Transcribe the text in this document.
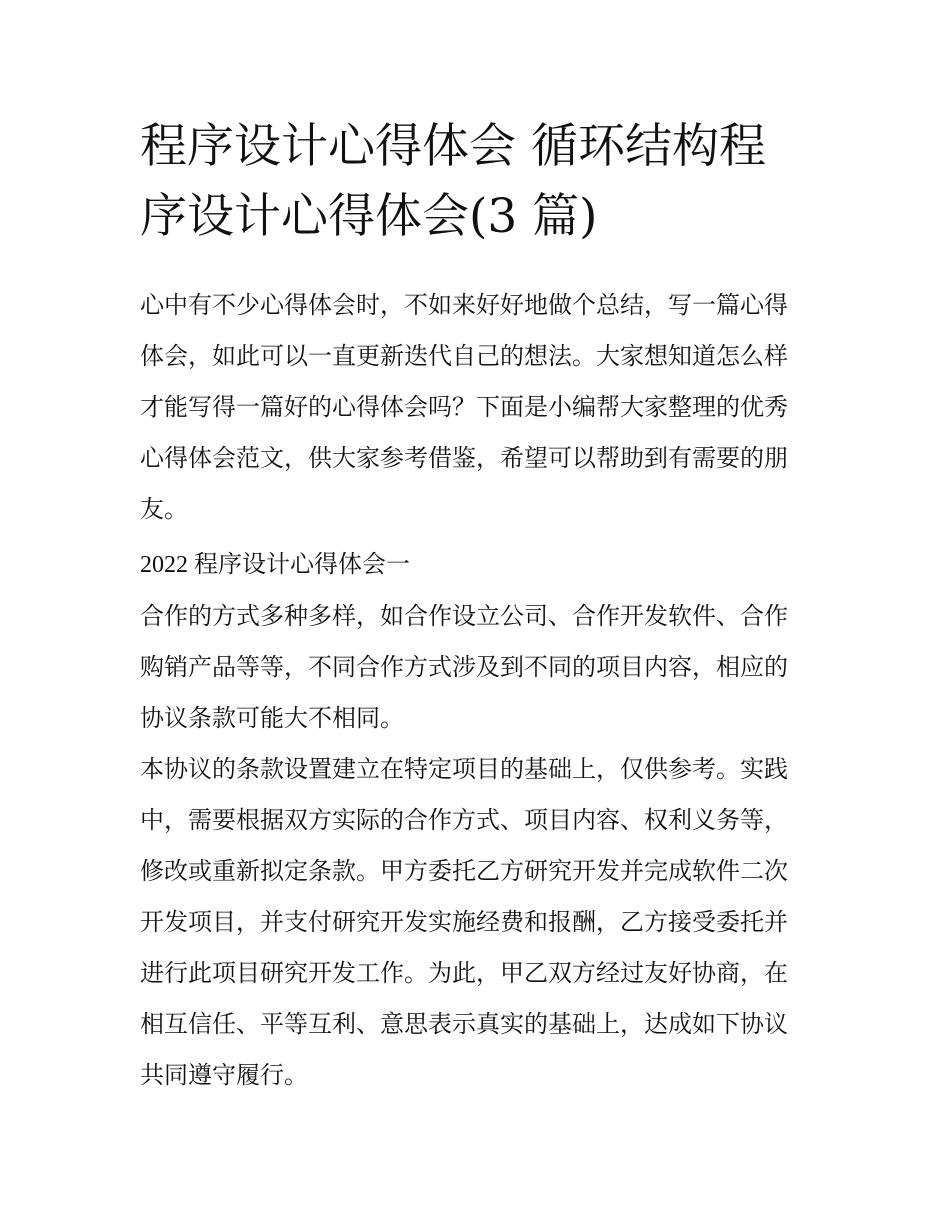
程序设计心得体会 循环结构程
序设计心得体会(3 篇)

心中有不少心得体会时，不如来好好地做个总结，写一篇心得
体会，如此可以一直更新迭代自己的想法。大家想知道怎么样
才能写得一篇好的心得体会吗？下面是小编帮大家整理的优秀
心得体会范文，供大家参考借鉴，希望可以帮助到有需要的朋
友。

2022 程序设计心得体会一

合作的方式多种多样，如合作设立公司、合作开发软件、合作
购销产品等等，不同合作方式涉及到不同的项目内容，相应的
协议条款可能大不相同。

本协议的条款设置建立在特定项目的基础上，仅供参考。实践
中，需要根据双方实际的合作方式、项目内容、权利义务等，
修改或重新拟定条款。甲方委托乙方研究开发并完成软件二次
开发项目，并支付研究开发实施经费和报酬，乙方接受委托并
进行此项目研究开发工作。为此，甲乙双方经过友好协商，在
相互信任、平等互利、意思表示真实的基础上，达成如下协议
共同遵守履行。
